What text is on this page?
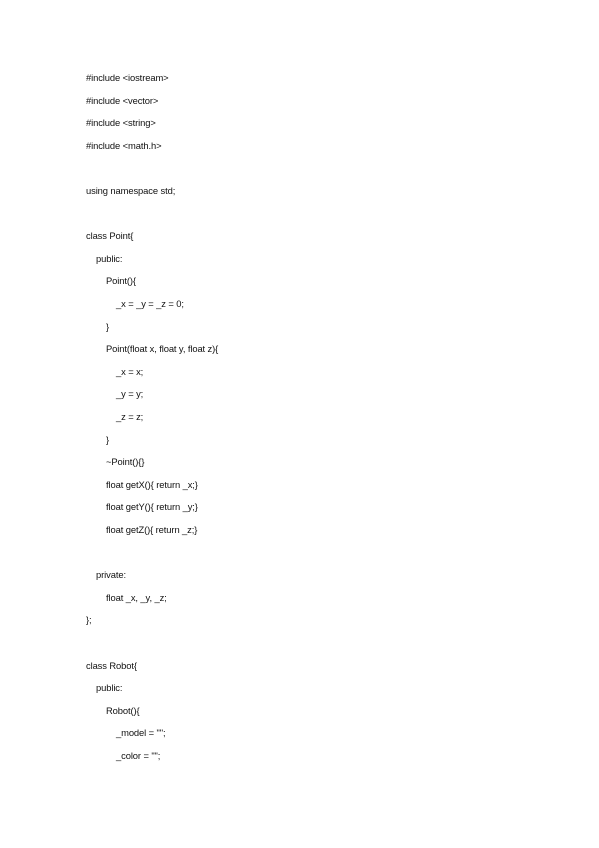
#include <iostream>
#include <vector>
#include <string>
#include <math.h>
using namespace std;
class Point{
public:
Point(){
_x = _y = _z = 0;
}
Point(float x, float y, float z){
_x = x;
_y = y;
_z = z;
}
~Point(){}
float getX(){ return _x;}
float getY(){ return _y;}
float getZ(){ return _z;}
private:
float _x, _y, _z;
};
class Robot{
public:
Robot(){
_model = "";
_color = "";
